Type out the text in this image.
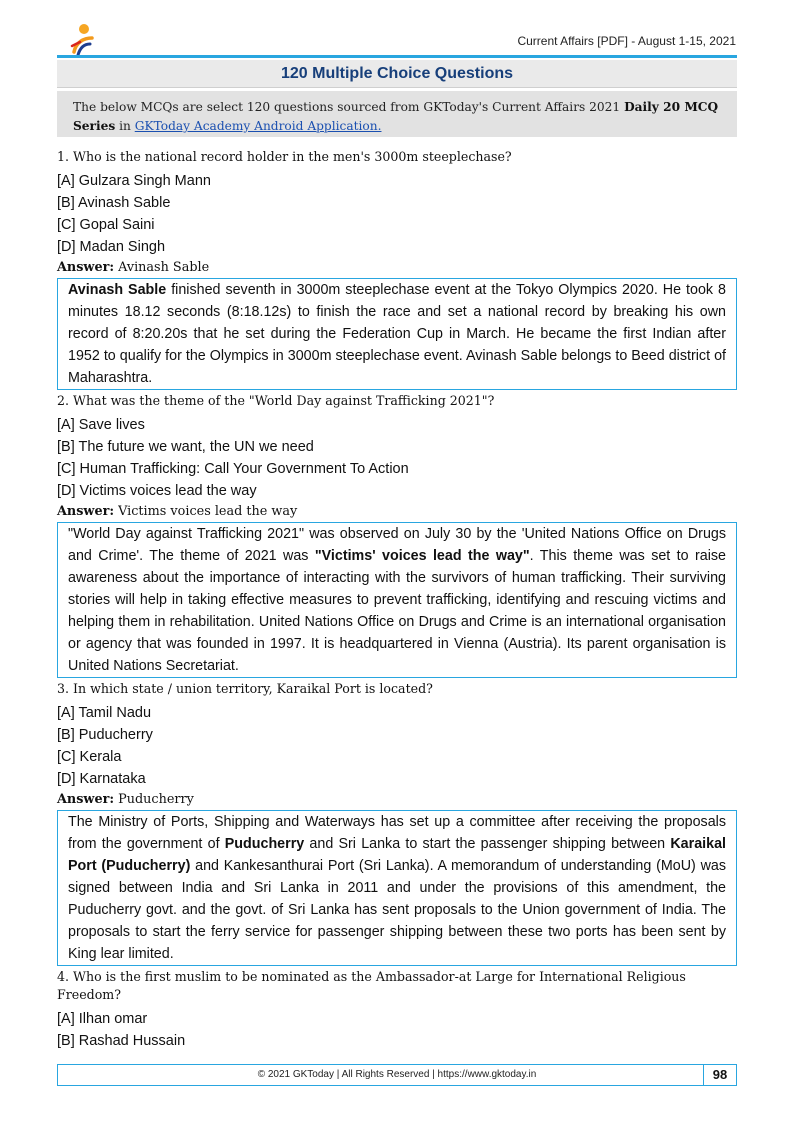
Current Affairs [PDF] - August 1-15, 2021
120 Multiple Choice Questions
The below MCQs are select 120 questions sourced from GKToday's Current Affairs 2021 Daily 20 MCQ Series in GKToday Academy Android Application.

1. Who is the national record holder in the men's 3000m steeplechase?

[A] Gulzara Singh Mann

[B] Avinash Sable

[C] Gopal Saini

[D] Madan Singh

Answer: Avinash Sable

Avinash Sable finished seventh in 3000m steeplechase event at the Tokyo Olympics 2020. He took 8 minutes 18.12 seconds (8:18.12s) to finish the race and set a national record by breaking his own record of 8:20.20s that he set during the Federation Cup in March. He became the first Indian after 1952 to qualify for the Olympics in 3000m steeplechase event. Avinash Sable belongs to Beed district of Maharashtra.

2. What was the theme of the "World Day against Trafficking 2021"?

[A] Save lives

[B] The future we want, the UN we need

[C] Human Trafficking: Call Your Government To Action

[D] Victims voices lead the way

Answer: Victims voices lead the way

"World Day against Trafficking 2021" was observed on July 30 by the 'United Nations Office on Drugs and Crime'. The theme of 2021 was "Victims' voices lead the way". This theme was set to raise awareness about the importance of interacting with the survivors of human trafficking. Their surviving stories will help in taking effective measures to prevent trafficking, identifying and rescuing victims and helping them in rehabilitation. United Nations Office on Drugs and Crime is an international organisation or agency that was founded in 1997. It is headquartered in Vienna (Austria). Its parent organisation is United Nations Secretariat.

3. In which state / union territory, Karaikal Port is located?

[A] Tamil Nadu

[B] Puducherry

[C] Kerala

[D] Karnataka

Answer: Puducherry

The Ministry of Ports, Shipping and Waterways has set up a committee after receiving the proposals from the government of Puducherry and Sri Lanka to start the passenger shipping between Karaikal Port (Puducherry) and Kankesanthurai Port (Sri Lanka). A memorandum of understanding (MoU) was signed between India and Sri Lanka in 2011 and under the provisions of this amendment, the Puducherry govt. and the govt. of Sri Lanka has sent proposals to the Union government of India. The proposals to start the ferry service for passenger shipping between these two ports has been sent by King lear limited.

4. Who is the first muslim to be nominated as the Ambassador-at Large for International Religious Freedom?

[A] Ilhan omar

[B] Rashad Hussain

© 2021 GKToday | All Rights Reserved | https://www.gktoday.in	98
